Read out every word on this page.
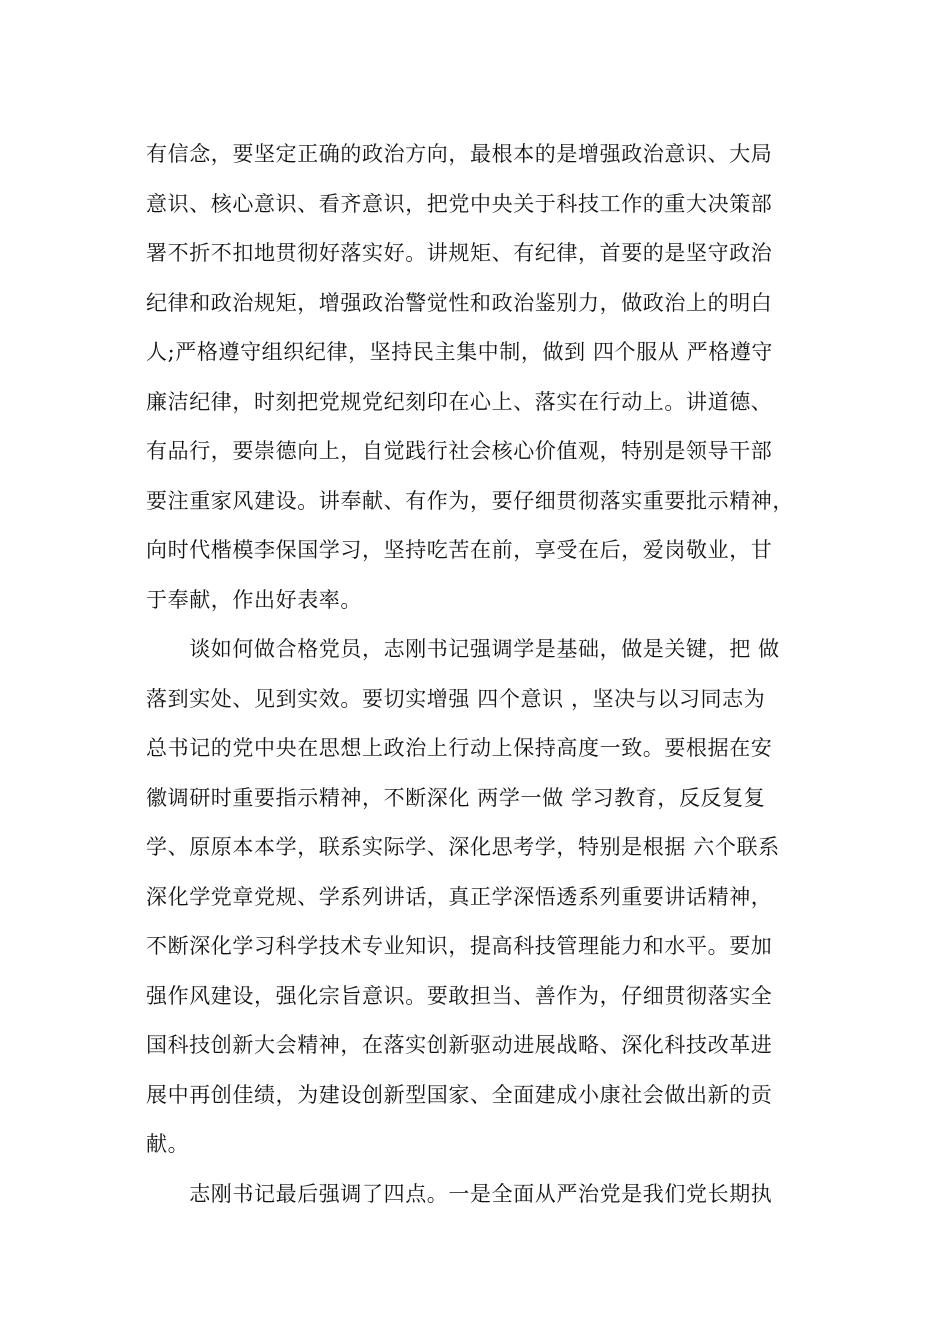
有信念，要坚定正确的政治方向，最根本的是增强政治意识、大局
意识、核心意识、看齐意识，把党中央关于科技工作的重大决策部
署不折不扣地贯彻好落实好。讲规矩、有纪律，首要的是坚守政治
纪律和政治规矩，增强政治警觉性和政治鉴别力，做政治上的明白
人;严格遵守组织纪律，坚持民主集中制，做到 四个服从 严格遵守
廉洁纪律，时刻把党规党纪刻印在心上、落实在行动上。讲道德、
有品行，要崇德向上，自觉践行社会核心价值观，特别是领导干部
要注重家风建设。讲奉献、有作为，要仔细贯彻落实重要批示精神，
向时代楷模李保国学习，坚持吃苦在前，享受在后，爱岗敬业，甘
于奉献，作出好表率。
　　谈如何做合格党员，志刚书记强调学是基础，做是关键，把 做
落到实处、见到实效。要切实增强 四个意识 ，坚决与以习同志为
总书记的党中央在思想上政治上行动上保持高度一致。要根据在安
徽调研时重要指示精神，不断深化 两学一做 学习教育，反反复复
学、原原本本学，联系实际学、深化思考学，特别是根据 六个联系
深化学党章党规、学系列讲话，真正学深悟透系列重要讲话精神，
不断深化学习科学技术专业知识，提高科技管理能力和水平。要加
强作风建设，强化宗旨意识。要敢担当、善作为，仔细贯彻落实全
国科技创新大会精神，在落实创新驱动进展战略、深化科技改革进
展中再创佳绩，为建设创新型国家、全面建成小康社会做出新的贡
献。
　　志刚书记最后强调了四点。一是全面从严治党是我们党长期执
